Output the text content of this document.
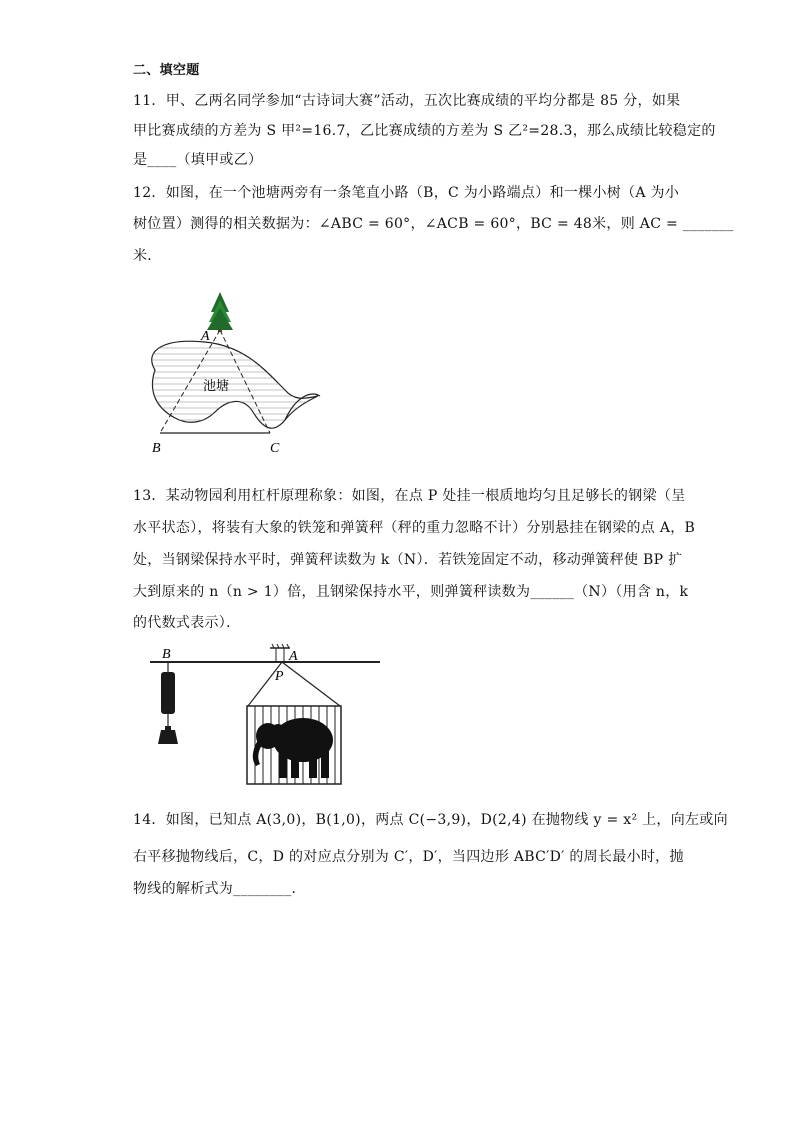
二、填空题
11．甲、乙两名同学参加“古诗词大赛”活动，五次比赛成绩的平均分都是 85 分，如果
甲比赛成绩的方差为 S 甲²=16.7，乙比赛成绩的方差为 S 乙²=28.3，那么成绩比较稳定的
是____（填甲或乙）
12．如图，在一个池塘两旁有一条笔直小路（B，C 为小路端点）和一棵小树（A 为小
树位置）测得的相关数据为：∠ABC = 60°，∠ACB = 60°，BC = 48米，则 AC = _______
米．
A
B	C
池塘
13．某动物园利用杠杆原理称象：如图，在点 P 处挂一根质地均匀且足够长的钢梁（呈
水平状态），将装有大象的铁笼和弹簧秤（秤的重力忽略不计）分别悬挂在钢梁的点 A，B
处，当钢梁保持水平时，弹簧秤读数为 k（N）．若铁笼固定不动，移动弹簧秤使 BP 扩
大到原来的 n（n > 1）倍，且钢梁保持水平，则弹簧秤读数为______（N）（用含 n，k
的代数式表示）．
B	A
P
14．如图，已知点 A(3,0)，B(1,0)，两点 C(−3,9)，D(2,4) 在抛物线 y = x² 上，向左或向
右平移抛物线后，C，D 的对应点分别为 C′，D′，当四边形 ABC′D′ 的周长最小时，抛
物线的解析式为________．
